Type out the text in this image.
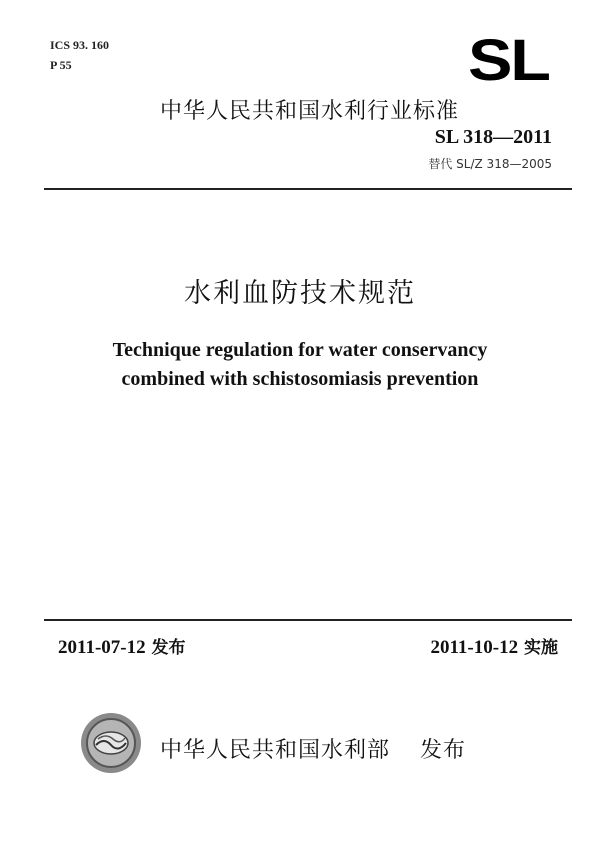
ICS 93. 160
P 55	SL
中华人民共和国水利行业标准
SL 318—2011
替代 SL/Z 318—2005
水利血防技术规范
Technique regulation for water conservancy
combined with schistosomiasis prevention
2011-07-12 发布	2011-10-12 实施
中华人民共和国水利部 发布
